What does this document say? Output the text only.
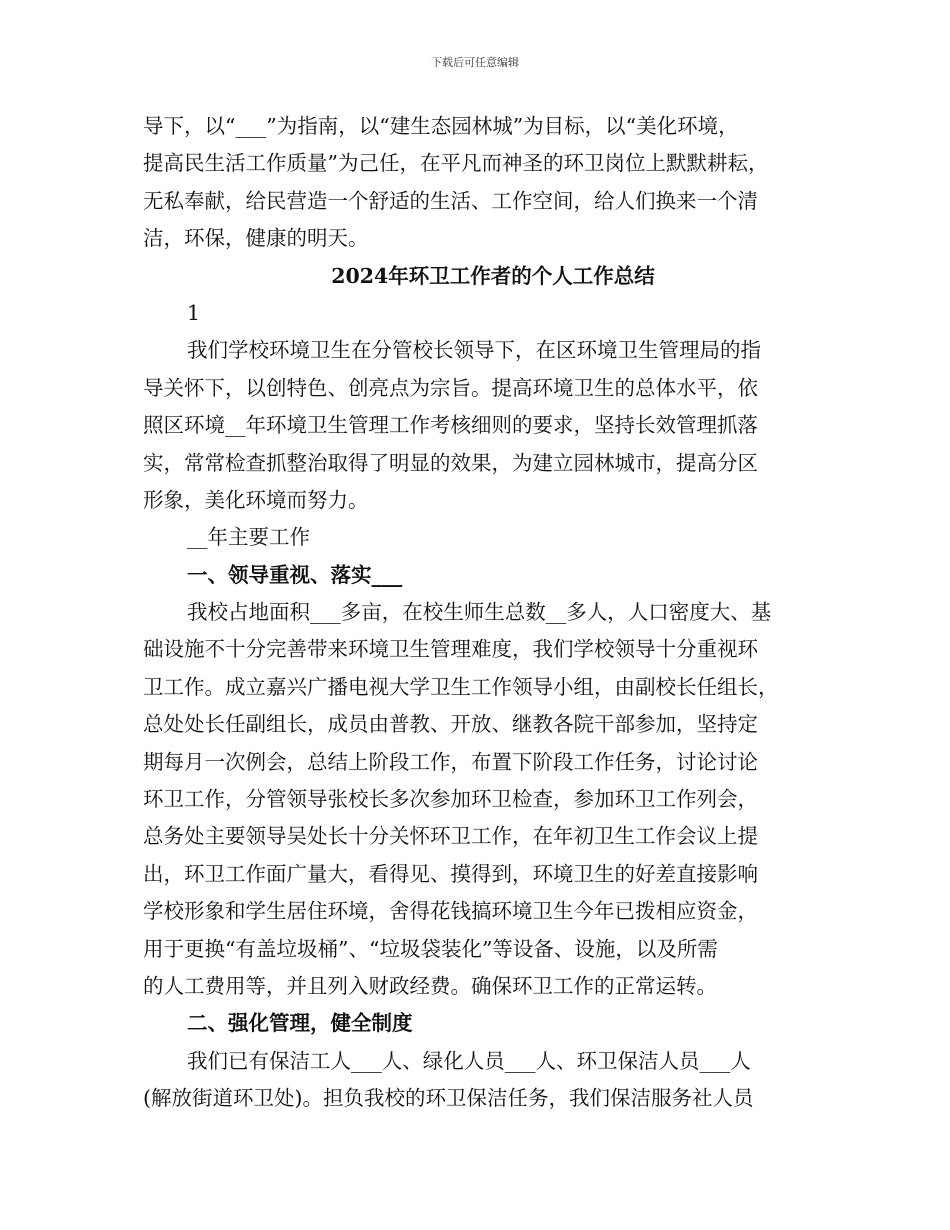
下载后可任意编辑
导下，以“___”为指南，以“建生态园林城”为目标，以“美化环境，
提高民生活工作质量”为己任，在平凡而神圣的环卫岗位上默默耕耘，
无私奉献，给民营造一个舒适的生活、工作空间，给人们换来一个清
洁，环保，健康的明天。
2024年环卫工作者的个人工作总结
1
我们学校环境卫生在分管校长领导下，在区环境卫生管理局的指
导关怀下，以创特色、创亮点为宗旨。提高环境卫生的总体水平，依
照区环境__年环境卫生管理工作考核细则的要求，坚持长效管理抓落
实，常常检查抓整治取得了明显的效果，为建立园林城市，提高分区
形象，美化环境而努力。
__年主要工作
一、领导重视、落实___
我校占地面积___多亩，在校生师生总数__多人，人口密度大、基
础设施不十分完善带来环境卫生管理难度，我们学校领导十分重视环
卫工作。成立嘉兴广播电视大学卫生工作领导小组，由副校长任组长，
总处处长任副组长，成员由普教、开放、继教各院干部参加，坚持定
期每月一次例会，总结上阶段工作，布置下阶段工作任务，讨论讨论
环卫工作，分管领导张校长多次参加环卫检查，参加环卫工作列会，
总务处主要领导吴处长十分关怀环卫工作，在年初卫生工作会议上提
出，环卫工作面广量大，看得见、摸得到，环境卫生的好差直接影响
学校形象和学生居住环境，舍得花钱搞环境卫生今年已拨相应资金，
用于更换“有盖垃圾桶”、“垃圾袋装化”等设备、设施，以及所需
的人工费用等，并且列入财政经费。确保环卫工作的正常运转。
二、强化管理，健全制度
我们已有保洁工人___人、绿化人员___人、环卫保洁人员___人
(解放街道环卫处)。担负我校的环卫保洁任务，我们保洁服务社人员
